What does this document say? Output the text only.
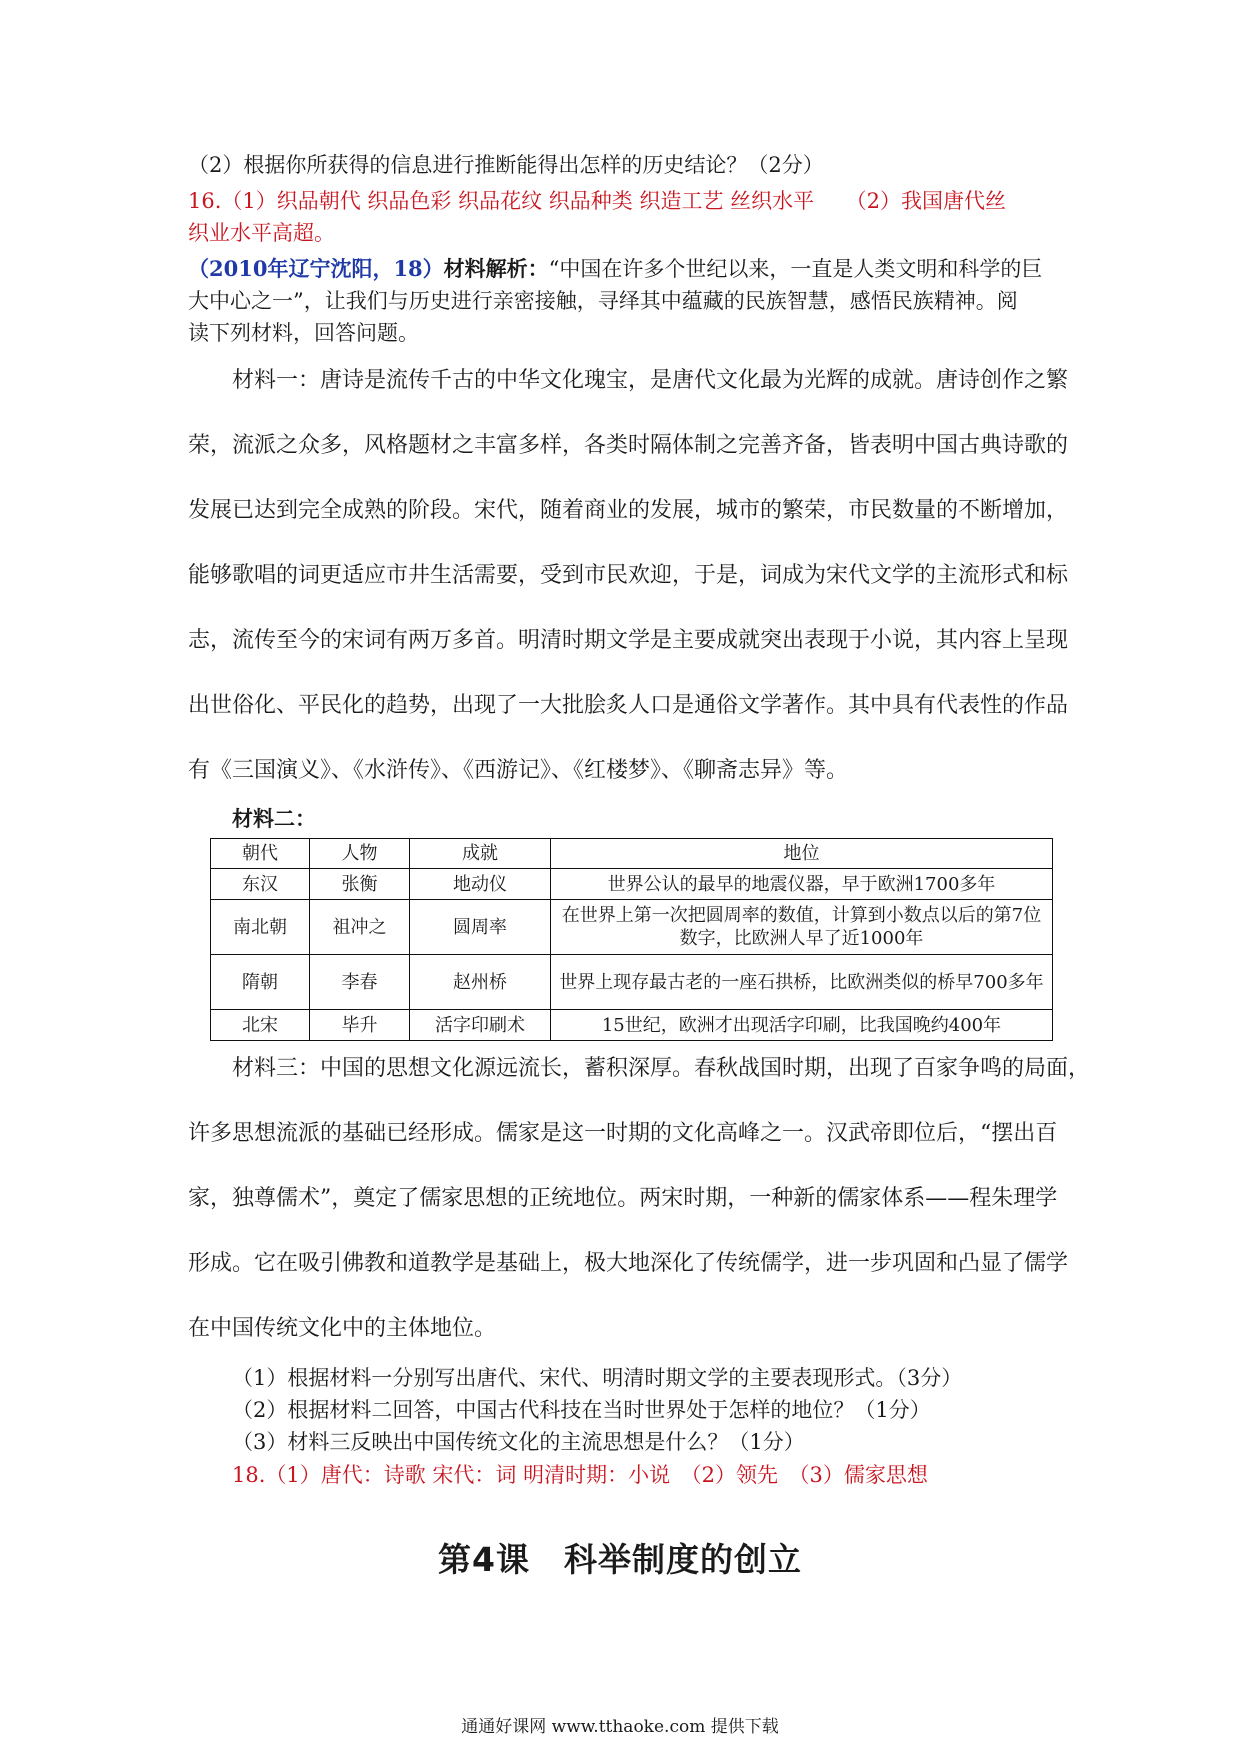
（2）根据你所获得的信息进行推断能得出怎样的历史结论？（2分）
16.（1）织品朝代 织品色彩 织品花纹 织品种类 织造工艺 丝织水平　　（2）我国唐代丝
织业水平高超。
（2010年辽宁沈阳，18）材料解析：“中国在许多个世纪以来，一直是人类文明和科学的巨
大中心之一”，让我们与历史进行亲密接触，寻绎其中蕴藏的民族智慧，感悟民族精神。阅
读下列材料，回答问题。
材料一：唐诗是流传千古的中华文化瑰宝，是唐代文化最为光辉的成就。唐诗创作之繁
荣，流派之众多，风格题材之丰富多样，各类时隔体制之完善齐备，皆表明中国古典诗歌的
发展已达到完全成熟的阶段。宋代，随着商业的发展，城市的繁荣，市民数量的不断增加，
能够歌唱的词更适应市井生活需要，受到市民欢迎，于是，词成为宋代文学的主流形式和标
志，流传至今的宋词有两万多首。明清时期文学是主要成就突出表现于小说，其内容上呈现
出世俗化、平民化的趋势，出现了一大批脍炙人口是通俗文学著作。其中具有代表性的作品
有《三国演义》、《水浒传》、《西游记》、《红楼梦》、《聊斋志异》等。
材料二：
朝代	人物	成就	地位
东汉	张衡	地动仪	世界公认的最早的地震仪器，早于欧洲1700多年
南北朝	祖冲之	圆周率	在世界上第一次把圆周率的数值，计算到小数点以后的第7位数字，比欧洲人早了近1000年
隋朝	李春	赵州桥	世界上现存最古老的一座石拱桥，比欧洲类似的桥早700多年
北宋	毕升	活字印刷术	15世纪，欧洲才出现活字印刷，比我国晚约400年
材料三：中国的思想文化源远流长，蓄积深厚。春秋战国时期，出现了百家争鸣的局面，
许多思想流派的基础已经形成。儒家是这一时期的文化高峰之一。汉武帝即位后，“摆出百
家，独尊儒术”，奠定了儒家思想的正统地位。两宋时期，一种新的儒家体系——程朱理学
形成。它在吸引佛教和道教学是基础上，极大地深化了传统儒学，进一步巩固和凸显了儒学
在中国传统文化中的主体地位。
（1）根据材料一分别写出唐代、宋代、明清时期文学的主要表现形式。（3分）
（2）根据材料二回答，中国古代科技在当时世界处于怎样的地位？（1分）
（3）材料三反映出中国传统文化的主流思想是什么？（1分）
18.（1）唐代：诗歌 宋代：词 明清时期：小说　（2）领先　（3）儒家思想
第4课　科举制度的创立
通通好课网 www.tthaoke.com 提供下载
